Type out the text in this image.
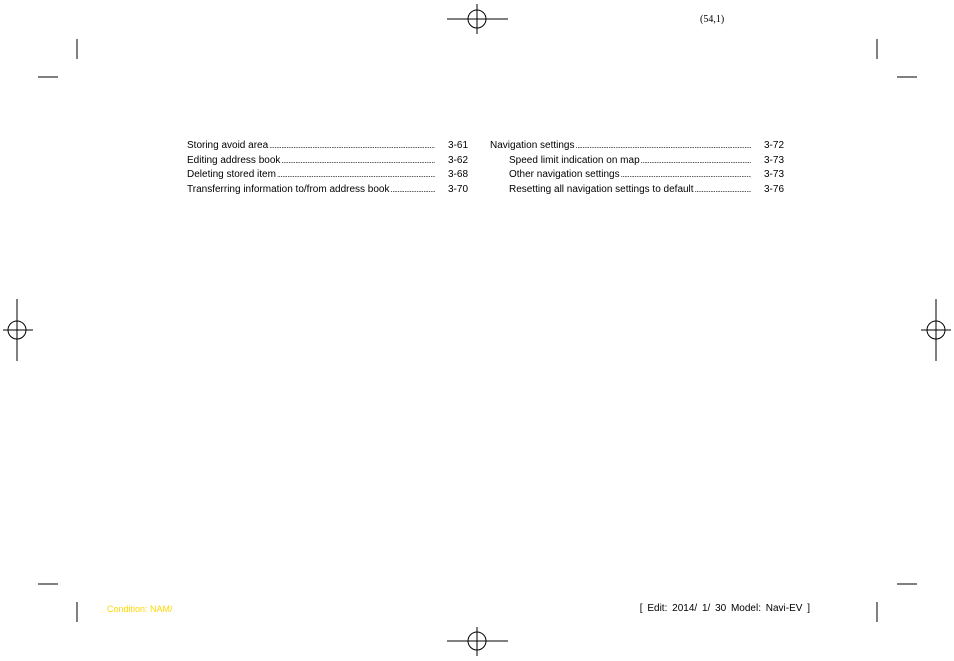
(54,1)
Storing avoid area .....	3-61
Editing address book .....	3-62
Deleting stored item .....	3-68
Transferring information to/from address book .....	3-70
Navigation settings .....	3-72
Speed limit indication on map .....	3-73
Other navigation settings .....	3-73
Resetting all navigation settings to default .....	3-76
Condition: NAM/	[ Edit: 2014/ 1/ 30 Model: Navi-EV ]
